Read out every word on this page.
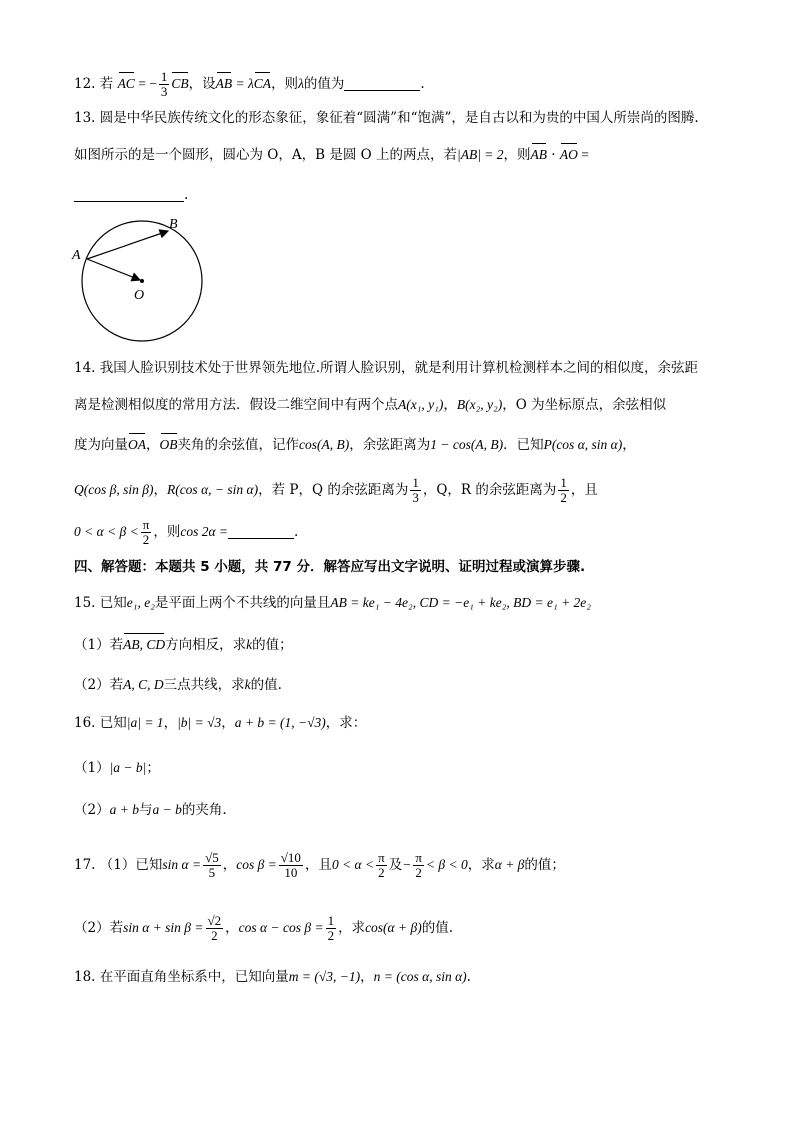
12. 若 AC = − $\frac{1}{3}$ CB，设AB = λCA，则λ的值为	.
13. 圆是中华民族传统文化的形态象征，象征着“圆满”和“饱满”，是自古以和为贵的中国人所崇尚的图腾.
如图所示的是一个圆形，圆心为 O，A，B 是圆 O 上的两点，若|AB| = 2，则AB · AO =
.
A
B
O
14. 我国人脸识别技术处于世界领先地位.所谓人脸识别，就是利用计算机检测样本之间的相似度，余弦距
离是检测相似度的常用方法．假设二维空间中有两个点A(x₁, y₁)，B(x₂, y₂)，O 为坐标原点，余弦相似
度为向量OA，OB夹角的余弦值，记作cos(A, B)，余弦距离为1 − cos(A, B)．已知P(cos α, sin α)，
Q(cos β, sin β)，R(cos α, − sin α)，若 P，Q 的余弦距离为 $\frac{1}{3}$ ，Q，R 的余弦距离为 $\frac{1}{2}$ ，且
$0 < \alpha < \beta < \frac{\pi}{2}$ ，则cos 2α =	.
四、解答题：本题共 5 小题，共 77 分．解答应写出文字说明、证明过程或演算步骤.
15. 已知e₁, e₂是平面上两个不共线的向量且AB = ke₁ − 4e₂, CD = −e₁ + ke₂, BD = e₁ + 2e₂
（1）若AB, CD方向相反，求k的值；
（2）若A, C, D三点共线，求k的值.
16. 已知|a| = 1，|b| = √3，a + b = (1, −√3)，求：
（1）|a − b|；
（2）a + b与a − b的夹角.
17. （1）已知$\sin \alpha = \frac{√5}{5}$ ，$\cos \beta = \frac{√10}{10}$ ，且$0 < \alpha < \frac{\pi}{2}$ 及− $\frac{\pi}{2} < \beta < 0$，求α + β的值；
（2）若$\sin \alpha + \sin \beta = \frac{√2}{2}$ ，$\cos \alpha - \cos \beta = \frac{1}{2}$ ，求cos(α + β)的值.
18. 在平面直角坐标系中，已知向量m = (√3, −1)，n = (cos α, sin α).
